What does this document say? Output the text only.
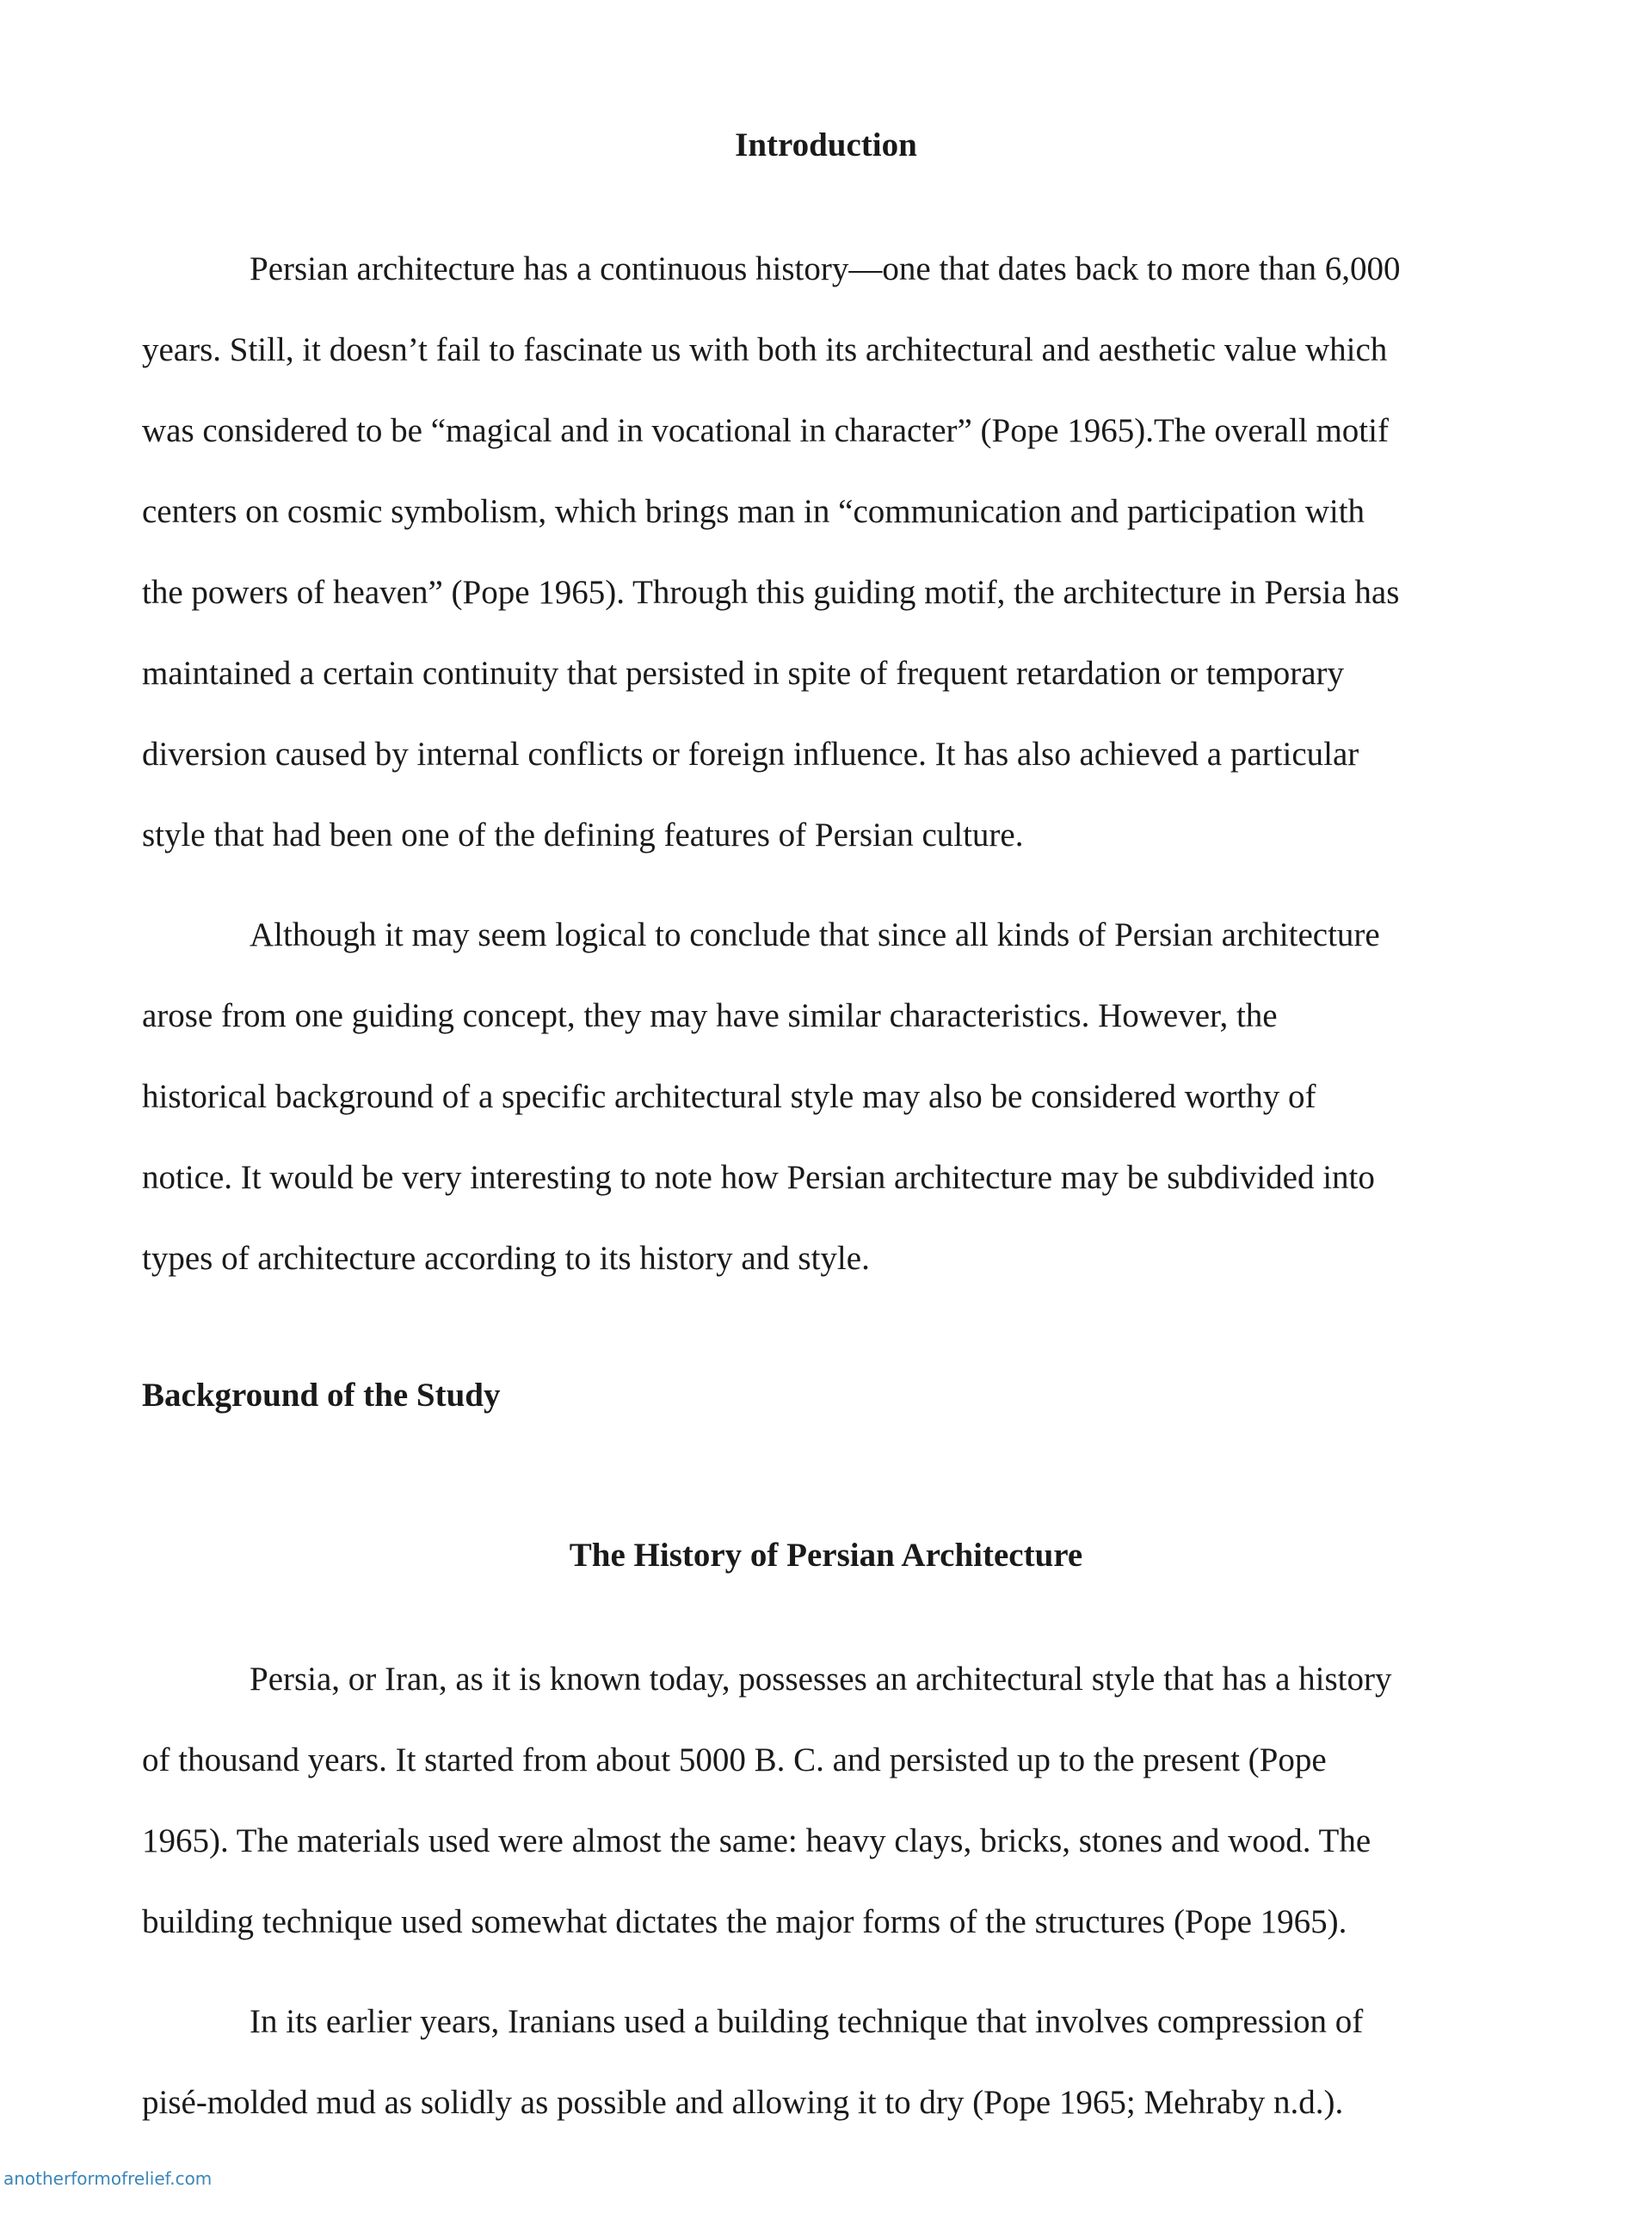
Introduction

Persian architecture has a continuous history—one that dates back to more than 6,000
years. Still, it doesn’t fail to fascinate us with both its architectural and aesthetic value which
was considered to be “magical and in vocational in character” (Pope 1965).The overall motif
centers on cosmic symbolism, which brings man in “communication and participation with
the powers of heaven” (Pope 1965). Through this guiding motif, the architecture in Persia has
maintained a certain continuity that persisted in spite of frequent retardation or temporary
diversion caused by internal conflicts or foreign influence. It has also achieved a particular
style that had been one of the defining features of Persian culture.

Although it may seem logical to conclude that since all kinds of Persian architecture
arose from one guiding concept, they may have similar characteristics. However, the
historical background of a specific architectural style may also be considered worthy of
notice. It would be very interesting to note how Persian architecture may be subdivided into
types of architecture according to its history and style.

Background of the Study
The History of Persian Architecture

Persia, or Iran, as it is known today, possesses an architectural style that has a history
of thousand years. It started from about 5000 B. C. and persisted up to the present (Pope
1965). The materials used were almost the same: heavy clays, bricks, stones and wood. The
building technique used somewhat dictates the major forms of the structures (Pope 1965).

In its earlier years, Iranians used a building technique that involves compression of
pisé-molded mud as solidly as possible and allowing it to dry (Pope 1965; Mehraby n.d.).

anotherformofrelief.com
